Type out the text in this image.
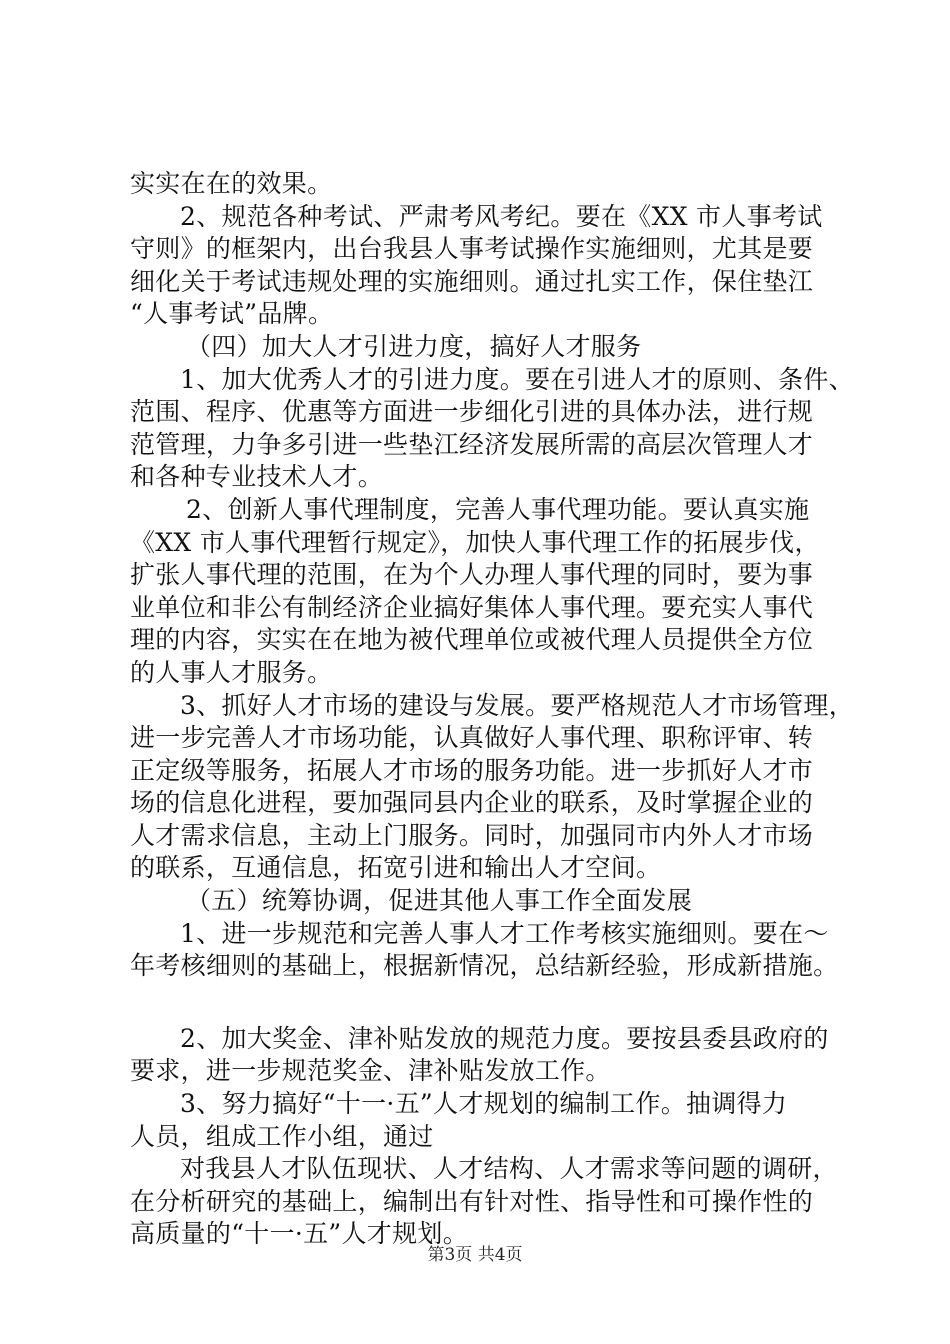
实实在在的效果。
2、规范各种考试、严肃考风考纪。要在《XX 市人事考试
守则》的框架内，出台我县人事考试操作实施细则，尤其是要
细化关于考试违规处理的实施细则。通过扎实工作，保住垫江
“人事考试”品牌。
（四）加大人才引进力度，搞好人才服务
1、加大优秀人才的引进力度。要在引进人才的原则、条件、
范围、程序、优惠等方面进一步细化引进的具体办法，进行规
范管理，力争多引进一些垫江经济发展所需的高层次管理人才
和各种专业技术人才。
2、创新人事代理制度，完善人事代理功能。要认真实施
《XX 市人事代理暂行规定》，加快人事代理工作的拓展步伐，
扩张人事代理的范围，在为个人办理人事代理的同时，要为事
业单位和非公有制经济企业搞好集体人事代理。要充实人事代
理的内容，实实在在地为被代理单位或被代理人员提供全方位
的人事人才服务。
3、抓好人才市场的建设与发展。要严格规范人才市场管理，
进一步完善人才市场功能，认真做好人事代理、职称评审、转
正定级等服务，拓展人才市场的服务功能。进一步抓好人才市
场的信息化进程，要加强同县内企业的联系，及时掌握企业的
人才需求信息，主动上门服务。同时，加强同市内外人才市场
的联系，互通信息，拓宽引进和输出人才空间。
（五）统筹协调，促进其他人事工作全面发展
1、进一步规范和完善人事人才工作考核实施细则。要在～
年考核细则的基础上，根据新情况，总结新经验，形成新措施。
2、加大奖金、津补贴发放的规范力度。要按县委县政府的
要求，进一步规范奖金、津补贴发放工作。
3、努力搞好“十一·五”人才规划的编制工作。抽调得力
人员，组成工作小组，通过
对我县人才队伍现状、人才结构、人才需求等问题的调研，
在分析研究的基础上，编制出有针对性、指导性和可操作性的
高质量的“十一·五”人才规划。
第3页 共4页
